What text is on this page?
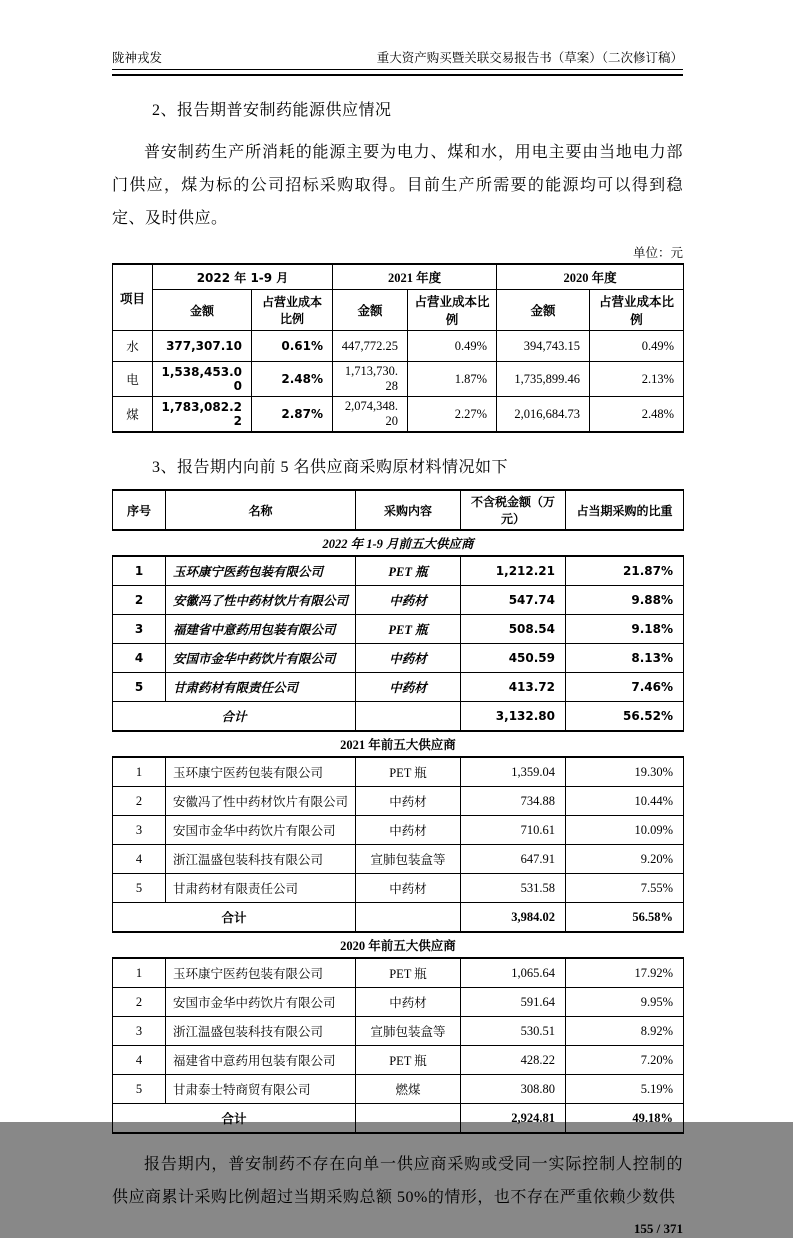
陇神戎发	重大资产购买暨关联交易报告书（草案）（二次修订稿）
2、报告期普安制药能源供应情况

普安制药生产所消耗的能源主要为电力、煤和水，用电主要由当地电力部门供应，煤为标的公司招标采购取得。目前生产所需要的能源均可以得到稳定、及时供应。

单位：元
项目	2022 年 1-9 月		2021 年度		2020 年度	
	金额	占营业成本比例	金额	占营业成本比例	金额	占营业成本比例
水	377,307.10	0.61%	447,772.25	0.49%	394,743.15	0.49%
电	1,538,453.00	2.48%	1,713,730.28	1.87%	1,735,899.46	2.13%
煤	1,783,082.22	2.87%	2,074,348.20	2.27%	2,016,684.73	2.48%
3、报告期内向前 5 名供应商采购原材料情况如下
序号	名称	采购内容	不含税金额（万元）	占当期采购的比重
2022 年 1-9 月前五大供应商				
1	玉环康宁医药包装有限公司	PET 瓶	1,212.21	21.87%
2	安徽冯了性中药材饮片有限公司	中药材	547.74	9.88%
3	福建省中意药用包装有限公司	PET 瓶	508.54	9.18%
4	安国市金华中药饮片有限公司	中药材	450.59	8.13%
5	甘肃药材有限责任公司	中药材	413.72	7.46%
合计			3,132.80	56.52%
2021 年前五大供应商				
1	玉环康宁医药包装有限公司	PET 瓶	1,359.04	19.30%
2	安徽冯了性中药材饮片有限公司	中药材	734.88	10.44%
3	安国市金华中药饮片有限公司	中药材	710.61	10.09%
4	浙江温盛包装科技有限公司	宣肺包装盒等	647.91	9.20%
5	甘肃药材有限责任公司	中药材	531.58	7.55%
合计			3,984.02	56.58%
2020 年前五大供应商				
1	玉环康宁医药包装有限公司	PET 瓶	1,065.64	17.92%
2	安国市金华中药饮片有限公司	中药材	591.64	9.95%
3	浙江温盛包装科技有限公司	宣肺包装盒等	530.51	8.92%
4	福建省中意药用包装有限公司	PET 瓶	428.22	7.20%
5	甘肃泰士特商贸有限公司	燃煤	308.80	5.19%
合计			2,924.81	49.18%

报告期内，普安制药不存在向单一供应商采购或受同一实际控制人控制的供应商累计采购比例超过当期采购总额 50%的情形，也不存在严重依赖少数供

155 / 371
